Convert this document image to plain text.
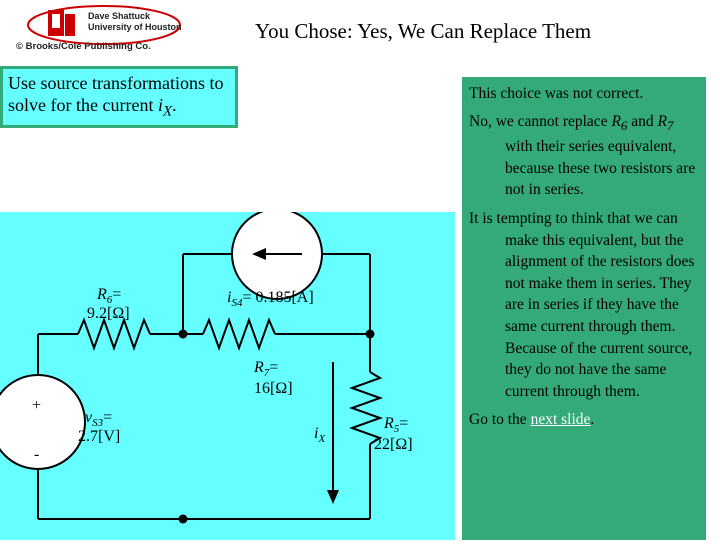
Dave Shattuck
University of Houston
© Brooks/Cole Publishing Co.
You Chose: Yes, We Can Replace Them
Use source transformations to solve for the current $i_X$.
$R_6=$
9.2[Ω]
$i_{S4}= 0.185[A]$
$R_7=$
16[Ω]
$v_{S3}=$
2.7[V]
+
-
$i_X$
$R_5=$
22[Ω]

This choice was not correct.

No, we cannot replace $R_6$ and $R_7$ with their series equivalent, because these two resistors are not in series.

It is tempting to think that we can make this equivalent, but the alignment of the resistors does not make them in series. They are in series if they have the same current through them. Because of the current source, they do not have the same current through them.

Go to the next slide.
